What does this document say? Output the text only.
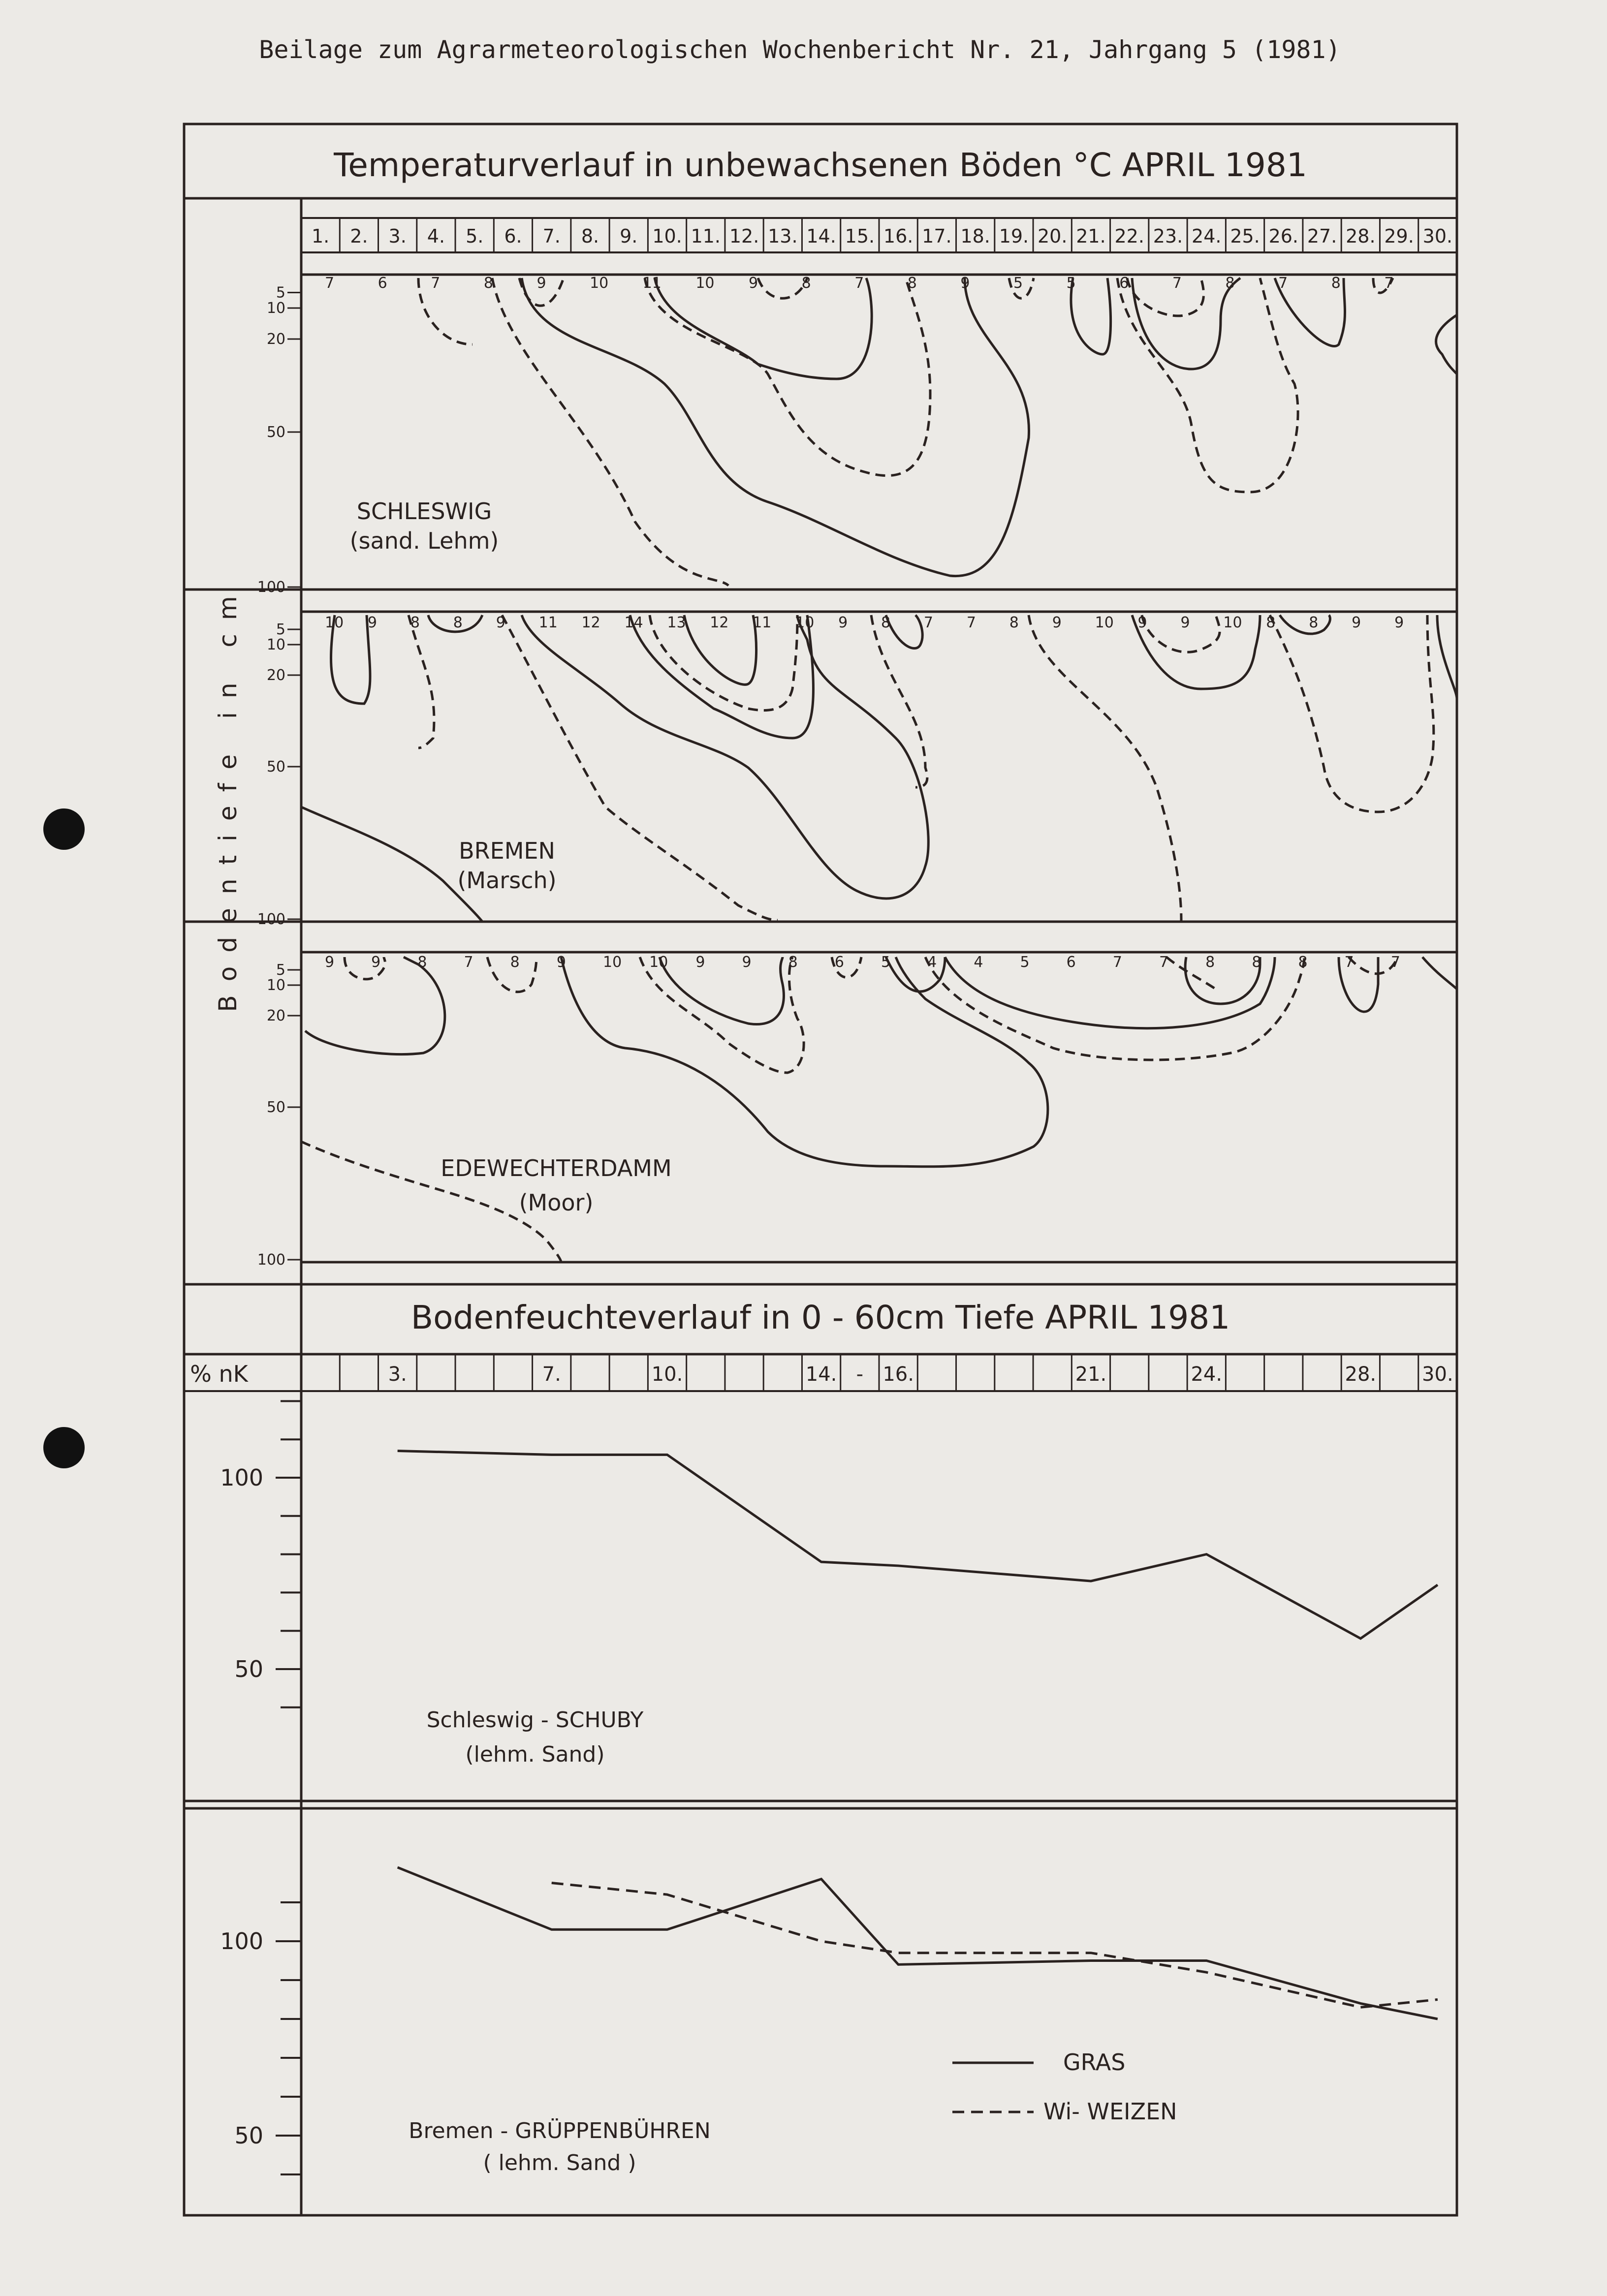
Beilage zum Agrarmeteorologischen Wochenbericht Nr. 21, Jahrgang 5 (1981)
Temperaturverlauf in unbewachsenen Böden °C APRIL 1981
1. 2. 3. 4. 5. 6. 7. 8. 9. 10. 11. 12. 13. 14. 15. 16. 17. 18. 19. 20. 21. 22. 23. 24. 25. 26. 27. 28. 29. 30.
Bodentiefe in cm
5
10
20
50
100
5
10
20
50
100
5
10
20
50
100
SCHLESWIG
(sand. Lehm)
7	6	7	8	9	10 11 10 9	8	7	8	9	5	5	6	7	8	7	8	7
BREMEN
(Marsch)
10 9 8 8 9 11 12 14 13 12 11 10 9 8 7 7 8 9 10 9 9 10 8 8 9 9
EDEWECHTERDAMM
(Moor)
9	9	8	7	8	9	10 10 9	9	8	6	5	4	4	5	6	7	7	8	8	8	7	7
Bodenfeuchteverlauf in 0 - 60cm Tiefe APRIL 1981
% nK	3.	7.	10.	14. - 16.	21.	24.	28. 30.
100
50
100
50
Schleswig - SCHUBY
(lehm. Sand)
Bremen - GRÜPPENBÜHREN
( lehm. Sand )
GRAS
Wi- WEIZEN
